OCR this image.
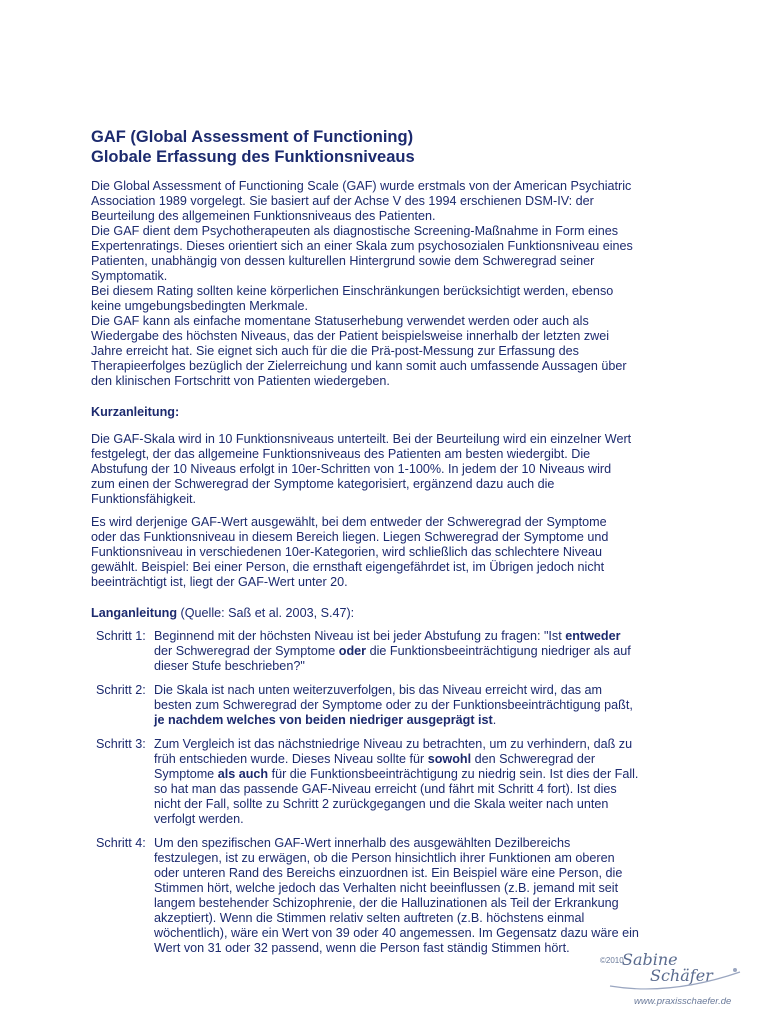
GAF (Global Assessment of Functioning)
Globale Erfassung des Funktionsniveaus
Die Global Assessment of Functioning Scale (GAF) wurde erstmals von der American Psychiatric
Association 1989 vorgelegt. Sie basiert auf der Achse V des 1994 erschienen DSM-IV: der
Beurteilung des allgemeinen Funktionsniveaus des Patienten.
Die GAF dient dem Psychotherapeuten als diagnostische Screening-Maßnahme in Form eines
Expertenratings. Dieses orientiert sich an einer Skala zum psychosozialen Funktionsniveau eines
Patienten, unabhängig von dessen kulturellen Hintergrund sowie dem Schweregrad seiner
Symptomatik.
Bei diesem Rating sollten keine körperlichen Einschränkungen berücksichtigt werden, ebenso
keine umgebungsbedingten Merkmale.
Die GAF kann als einfache momentane Statuserhebung verwendet werden oder auch als
Wiedergabe des höchsten Niveaus, das der Patient beispielsweise innerhalb der letzten zwei
Jahre erreicht hat. Sie eignet sich auch für die die Prä-post-Messung zur Erfassung des
Therapieerfolges bezüglich der Zielerreichung und kann somit auch umfassende Aussagen über
den klinischen Fortschritt von Patienten wiedergeben.
Kurzanleitung:
Die GAF-Skala wird in 10 Funktionsniveaus unterteilt. Bei der Beurteilung wird ein einzelner Wert
festgelegt, der das allgemeine Funktionsniveaus des Patienten am besten wiedergibt. Die
Abstufung der 10 Niveaus erfolgt in 10er-Schritten von 1-100%. In jedem der 10 Niveaus wird
zum einen der Schweregrad der Symptome kategorisiert, ergänzend dazu auch die
Funktionsfähigkeit.
Es wird derjenige GAF-Wert ausgewählt, bei dem entweder der Schweregrad der Symptome
oder das Funktionsniveau in diesem Bereich liegen. Liegen Schweregrad der Symptome und
Funktionsniveau in verschiedenen 10er-Kategorien, wird schließlich das schlechtere Niveau
gewählt. Beispiel: Bei einer Person, die ernsthaft eigengefährdet ist, im Übrigen jedoch nicht
beeinträchtigt ist, liegt der GAF-Wert unter 20.
Langanleitung (Quelle: Saß et al. 2003, S.47):
Schritt 1: Beginnend mit der höchsten Niveau ist bei jeder Abstufung zu fragen: "Ist entweder
der Schweregrad der Symptome oder die Funktionsbeeinträchtigung niedriger als auf
dieser Stufe beschrieben?"
Schritt 2: Die Skala ist nach unten weiterzuverfolgen, bis das Niveau erreicht wird, das am
besten zum Schweregrad der Symptome oder zu der Funktionsbeeinträchtigung paßt,
je nachdem welches von beiden niedriger ausgeprägt ist.
Schritt 3: Zum Vergleich ist das nächstniedrige Niveau zu betrachten, um zu verhindern, daß zu
früh entschieden wurde. Dieses Niveau sollte für sowohl den Schweregrad der
Symptome als auch für die Funktionsbeeinträchtigung zu niedrig sein. Ist dies der Fall.
so hat man das passende GAF-Niveau erreicht (und fährt mit Schritt 4 fort). Ist dies
nicht der Fall, sollte zu Schritt 2 zurückgegangen und die Skala weiter nach unten
verfolgt werden.
Schritt 4: Um den spezifischen GAF-Wert innerhalb des ausgewählten Dezilbereichs
festzulegen, ist zu erwägen, ob die Person hinsichtlich ihrer Funktionen am oberen
oder unteren Rand des Bereichs einzuordnen ist. Ein Beispiel wäre eine Person, die
Stimmen hört, welche jedoch das Verhalten nicht beeinflussen (z.B. jemand mit seit
langem bestehender Schizophrenie, der die Halluzinationen als Teil der Erkrankung
akzeptiert). Wenn die Stimmen relativ selten auftreten (z.B. höchstens einmal
wöchentlich), wäre ein Wert von 39 oder 40 angemessen. Im Gegensatz dazu wäre ein
Wert von 31 oder 32 passend, wenn die Person fast ständig Stimmen hört.
©2010
Sabine
Schäfer
www.praxisschaefer.de
